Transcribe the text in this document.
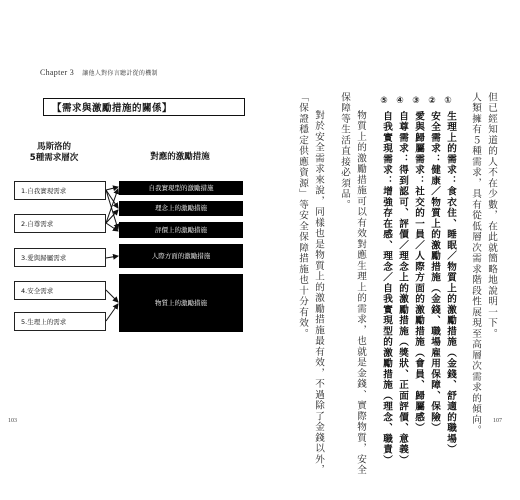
Chapter 3 讓他人對你言聽計從的機制
【需求與激勵措施的關係】
馬斯洛的
5種需求層次	對應的激勵措施
1.自我實現需求
2.自尊需求
3.愛與歸屬需求
4.安全需求
5.生理上的需求
自我實現型的激勵措施
理念上的激勵措施
評價上的激勵措施
人際方面的激勵措施
物質上的激勵措施
103
但已經知道的人不在少數，在此就簡略地說明一下。
人類擁有５種需求，具有從低層次需求階段性展現至高層次需求的傾向。
①
生理上的需求：食衣住、睡眠／物質上的激勵措施（金錢、舒適的職場）
②
安全需求：健康／物質上的激勵措施（金錢、職場雇用保障、保險）
③
愛與歸屬需求：社交的一員／人際方面的激勵措施（會員、歸屬感）
④
自尊需求：得到認可、評價／理念上的激勵措施（獎狀、正面評價、意義）
⑤
自我實現需求：增強存在感、理念／自我實現型的激勵措施（理念、職責）
物質上的激勵措施可以有效對應生理上的需求，也就是金錢、實際物質，安全
保障等生活直接必須品。
對於安全需求來說，同樣也是物質上的激勵措施最有效，不過除了金錢以外，
「保證穩定供應資源」等安全保障措施也十分有效。
107
